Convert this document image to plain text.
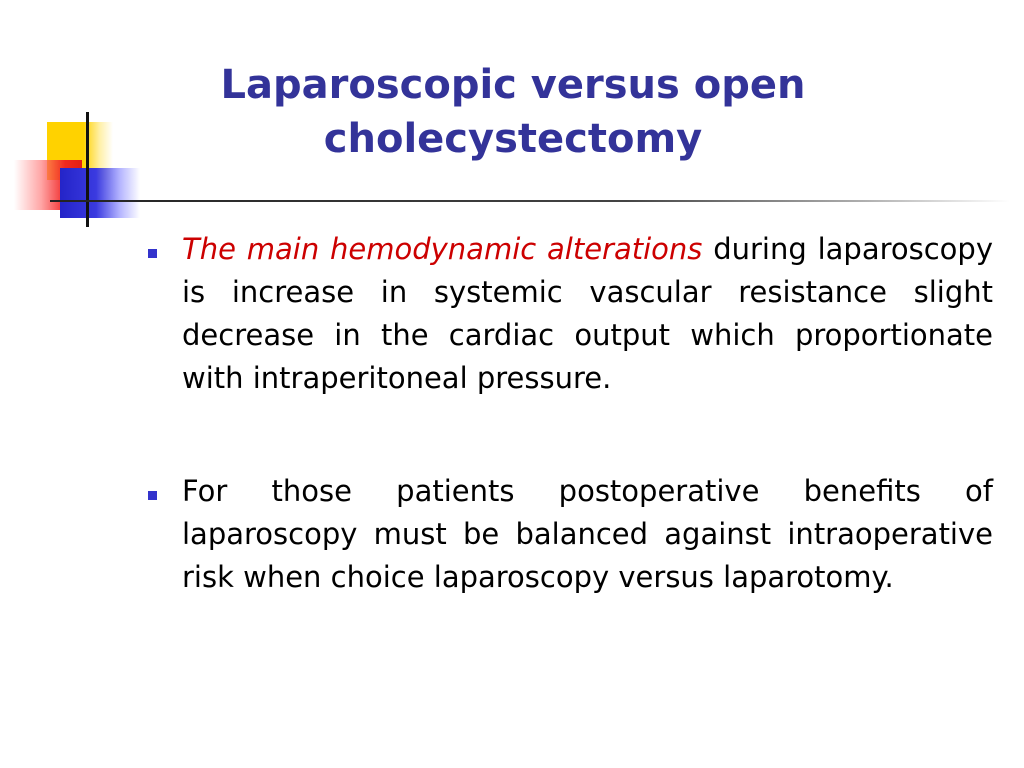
Laparoscopic versus open cholecystectomy
The main hemodynamic alterations during laparoscopy is increase in systemic vascular resistance slight decrease in the cardiac output which proportionate with intraperitoneal pressure.
For those patients postoperative benefits of laparoscopy must be balanced against intraoperative risk when choice laparoscopy versus laparotomy.
